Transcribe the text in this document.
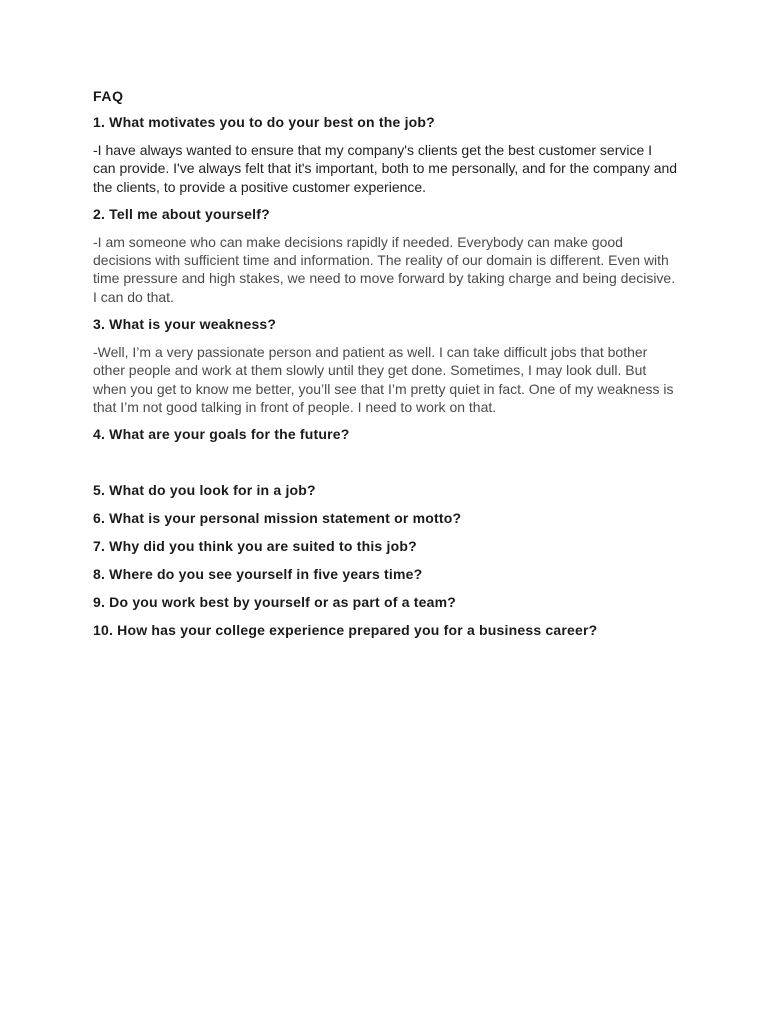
FAQ
1. What motivates you to do your best on the job?
-I have always wanted to ensure that my company's clients get the best customer service I can provide. I've always felt that it's important, both to me personally, and for the company and the clients, to provide a positive customer experience.
2. Tell me about yourself?
-I am someone who can make decisions rapidly if needed. Everybody can make good decisions with sufficient time and information. The reality of our domain is different. Even with time pressure and high stakes, we need to move forward by taking charge and being decisive. I can do that.
3. What is your weakness?
-Well, I’m a very passionate person and patient as well. I can take difficult jobs that bother other people and work at them slowly until they get done. Sometimes, I may look dull. But when you get to know me better, you’ll see that I’m pretty quiet in fact. One of my weakness is that I’m not good talking in front of people. I need to work on that.
4. What are your goals for the future?
5. What do you look for in a job?
6. What is your personal mission statement or motto?
7. Why did you think you are suited to this job?
8. Where do you see yourself in five years time?
9. Do you work best by yourself or as part of a team?
10. How has your college experience prepared you for a business career?
